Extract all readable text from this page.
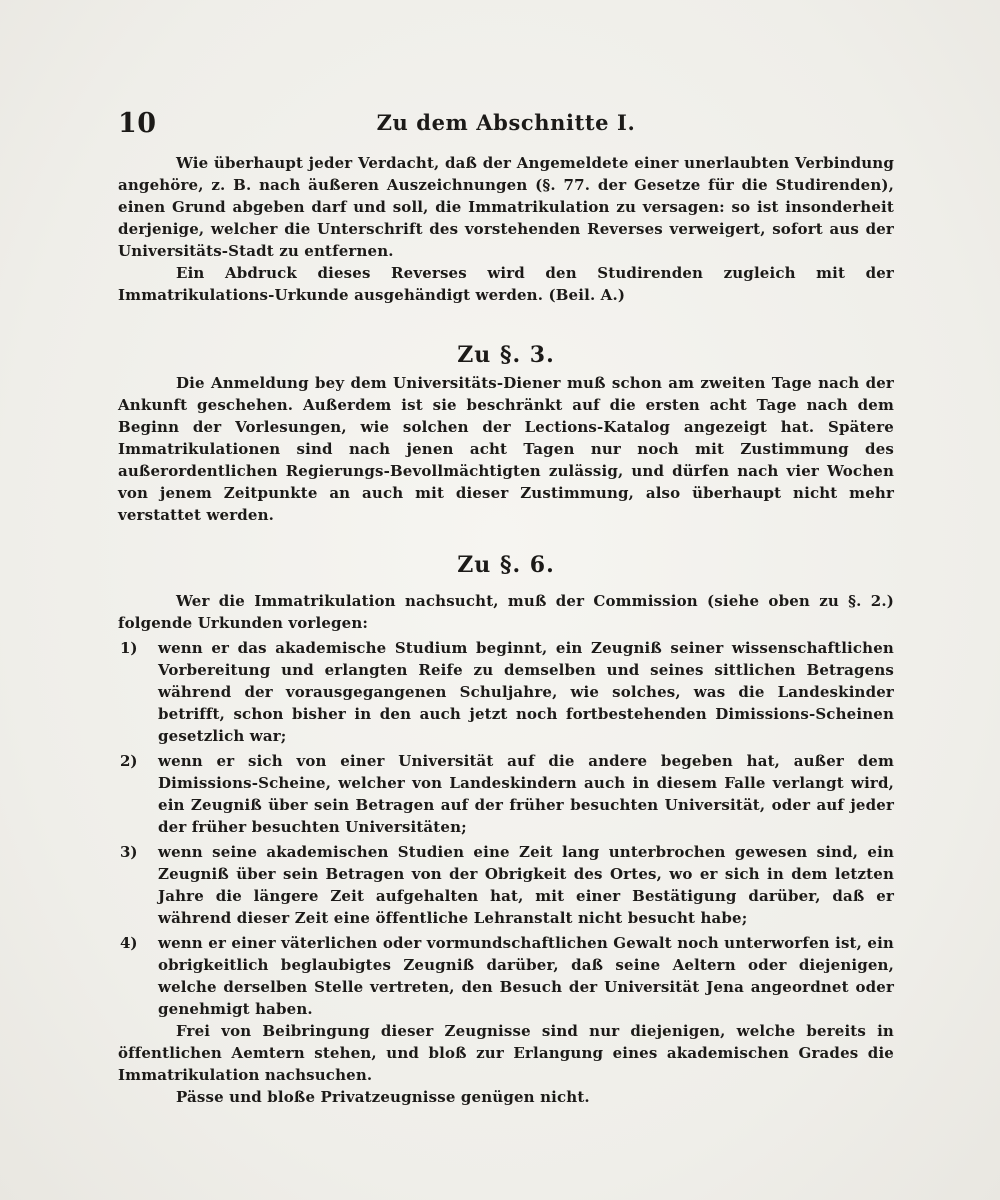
10	Zu dem Abschnitte I.

Wie überhaupt jeder Verdacht, daß der Angemeldete einer unerlaubten Verbindung angehöre, z. B. nach äußeren Auszeichnungen (§. 77. der Gesetze für die Studirenden), einen Grund abgeben darf und soll, die Immatrikulation zu versagen: so ist insonderheit derjenige, welcher die Unterschrift des vorstehenden Reverses verweigert, sofort aus der Universitäts-Stadt zu entfernen.

Ein Abdruck dieses Reverses wird den Studirenden zugleich mit der Immatrikulations-Urkunde ausgehändigt werden. (Beil. A.)

Zu §. 3.

Die Anmeldung bey dem Universitäts-Diener muß schon am zweiten Tage nach der Ankunft geschehen. Außerdem ist sie beschränkt auf die ersten acht Tage nach dem Beginn der Vorlesungen, wie solchen der Lections-Katalog angezeigt hat. Spätere Immatrikulationen sind nach jenen acht Tagen nur noch mit Zustimmung des außerordentlichen Regierungs-Bevollmächtigten zulässig, und dürfen nach vier Wochen von jenem Zeitpunkte an auch mit dieser Zustimmung, also überhaupt nicht mehr verstattet werden.

Zu §. 6.

Wer die Immatrikulation nachsucht, muß der Commission (siehe oben zu §. 2.) folgende Urkunden vorlegen:

1) wenn er das akademische Studium beginnt, ein Zeugniß seiner wissenschaftlichen Vorbereitung und erlangten Reife zu demselben und seines sittlichen Betragens während der vorausgegangenen Schuljahre, wie solches, was die Landeskinder betrifft, schon bisher in den auch jetzt noch fortbestehenden Dimissions-Scheinen gesetzlich war;

2) wenn er sich von einer Universität auf die andere begeben hat, außer dem Dimissions-Scheine, welcher von Landeskindern auch in diesem Falle verlangt wird, ein Zeugniß über sein Betragen auf der früher besuchten Universität, oder auf jeder der früher besuchten Universitäten;

3) wenn seine akademischen Studien eine Zeit lang unterbrochen gewesen sind, ein Zeugniß über sein Betragen von der Obrigkeit des Ortes, wo er sich in dem letzten Jahre die längere Zeit aufgehalten hat, mit einer Bestätigung darüber, daß er während dieser Zeit eine öffentliche Lehranstalt nicht besucht habe;

4) wenn er einer väterlichen oder vormundschaftlichen Gewalt noch unterworfen ist, ein obrigkeitlich beglaubigtes Zeugniß darüber, daß seine Aeltern oder diejenigen, welche derselben Stelle vertreten, den Besuch der Universität Jena angeordnet oder genehmigt haben.

Frei von Beibringung dieser Zeugnisse sind nur diejenigen, welche bereits in öffentlichen Aemtern stehen, und bloß zur Erlangung eines akademischen Grades die Immatrikulation nachsuchen.

Pässe und bloße Privatzeugnisse genügen nicht.
